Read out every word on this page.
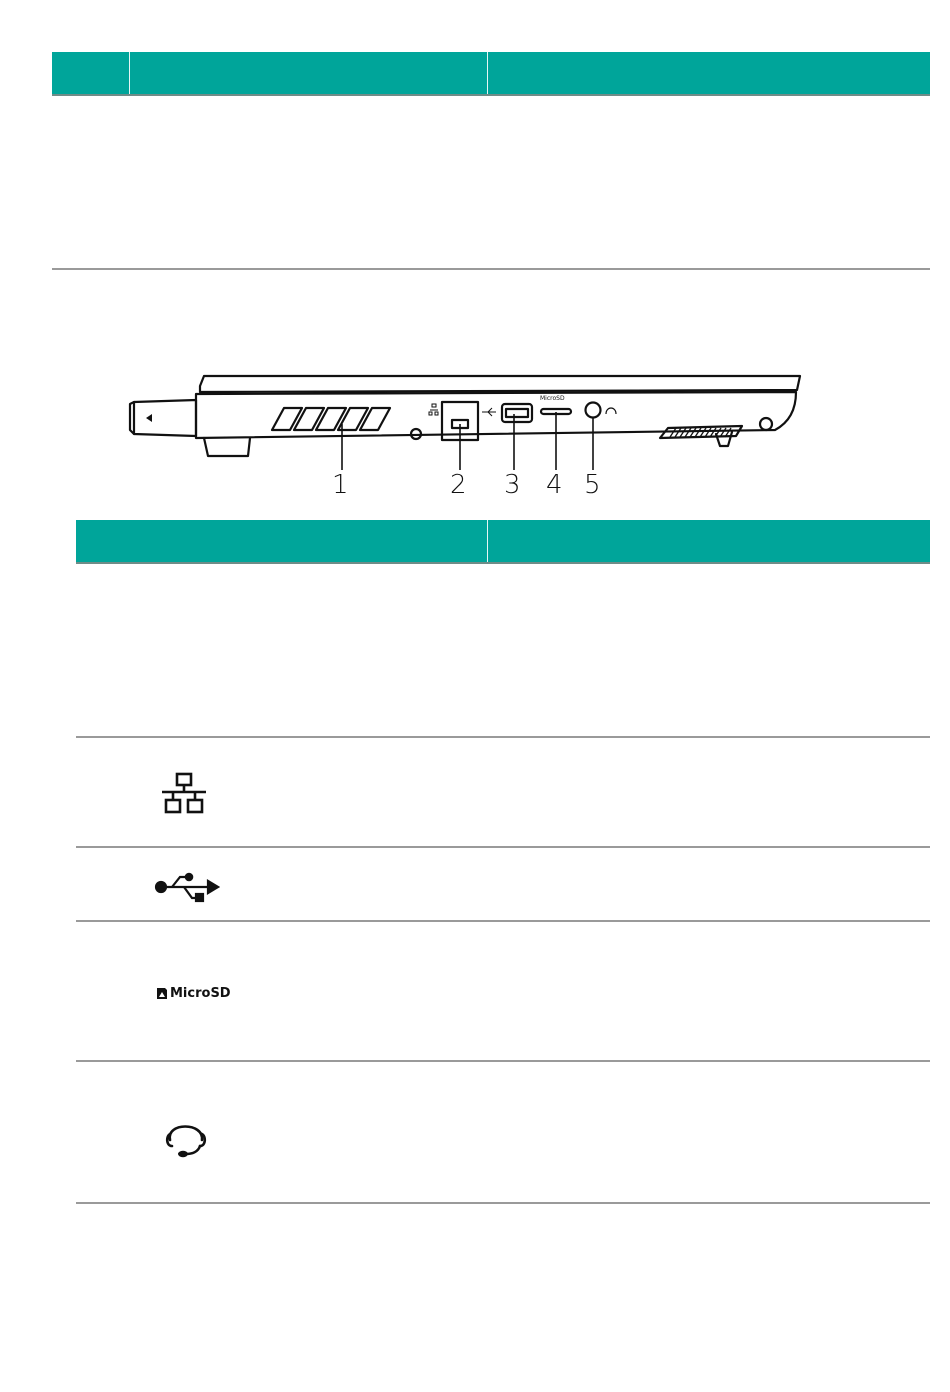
MicroSD
1	2 3 4 5
MicroSD
